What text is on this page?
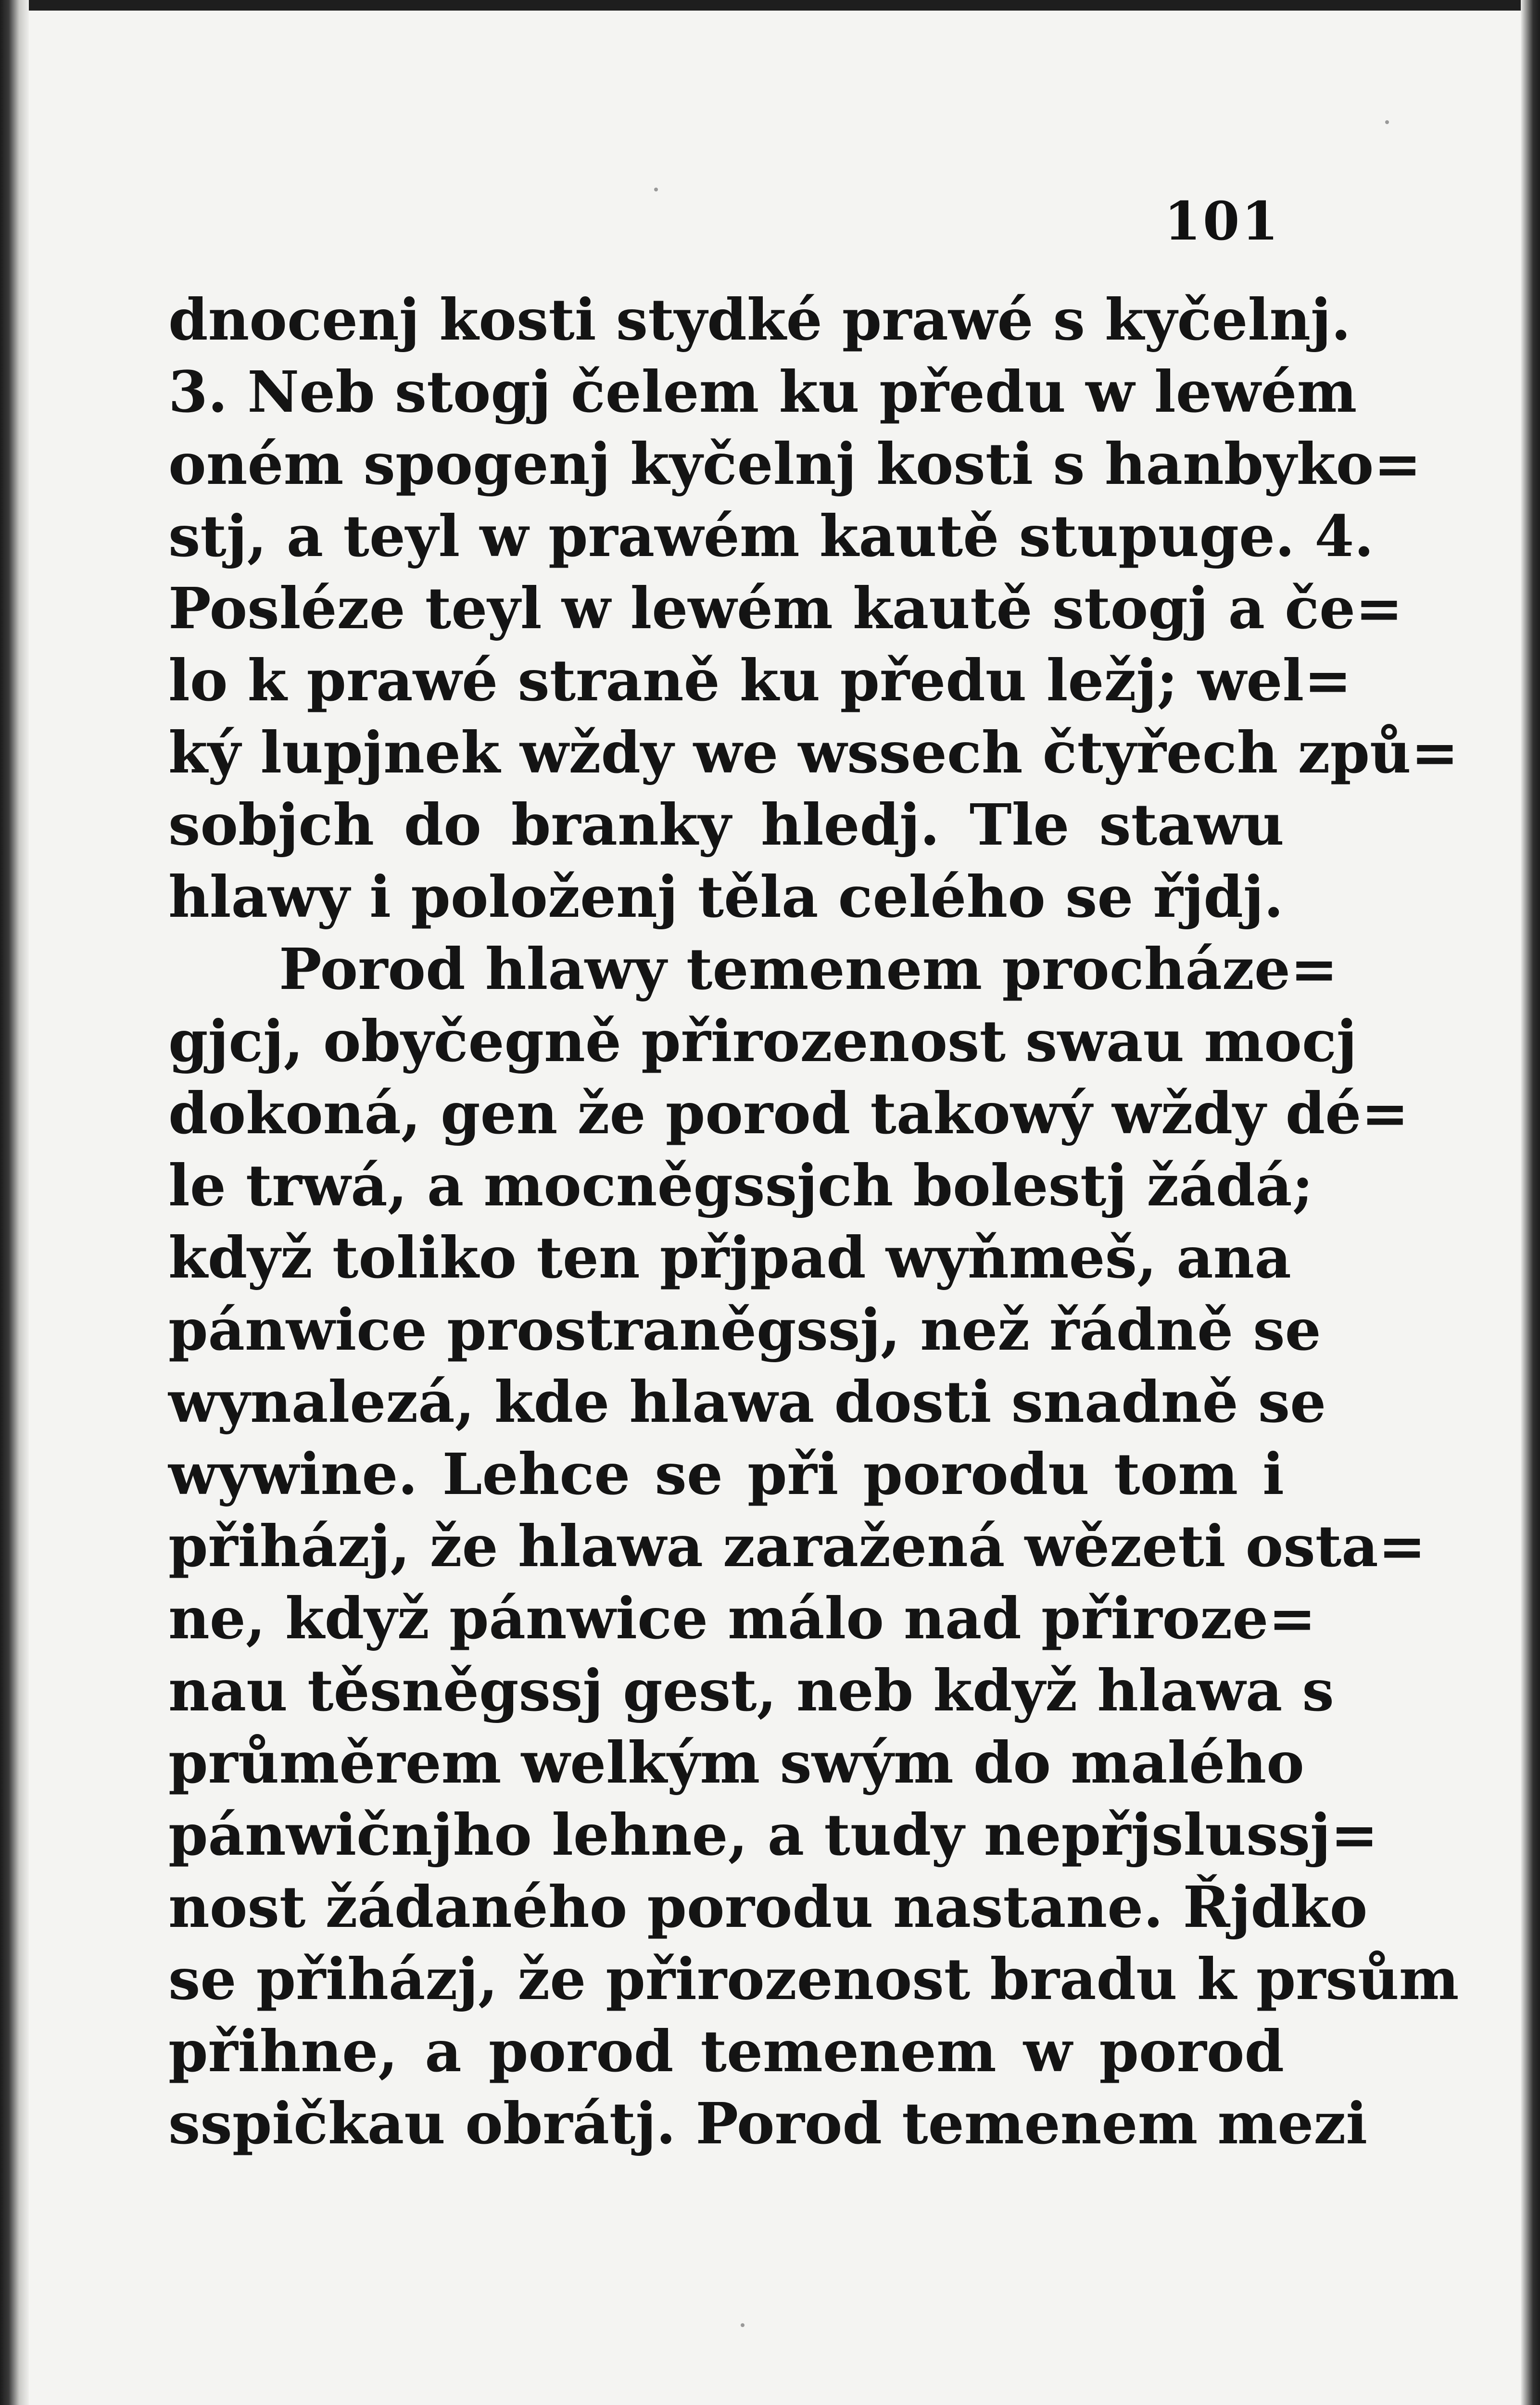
101
dnocenj kosti stydké prawé s kyčelnj.
3. Neb stogj čelem ku předu w lewém
oném spogenj kyčelnj kosti s hanbyko=
stj, a teyl w prawém kautě stupuge. 4.
Posléze teyl w lewém kautě stogj a če=
lo k prawé straně ku předu ležj; wel=
ký lupjnek wždy we wssech čtyřech způ=
sobjch do branky hledj. Tle stawu
hlawy i položenj těla celého se řjdj.
Porod hlawy temenem procháze=
gjcj, obyčegně přirozenost swau mocj
dokoná, gen že porod takowý wždy dé=
le trwá, a mocněgssjch bolestj žádá;
když toliko ten přjpad wyňmeš, ana
pánwice prostraněgssj, než řádně se
wynalezá, kde hlawa dosti snadně se
wywine. Lehce se při porodu tom i
přiházj, že hlawa zaražená wězeti osta=
ne, když pánwice málo nad přiroze=
nau těsněgssj gest, neb když hlawa s
průměrem welkým swým do malého
pánwičnjho lehne, a tudy nepřjslussj=
nost žádaného porodu nastane. Řjdko
se přiházj, že přirozenost bradu k prsům
přihne, a porod temenem w porod
sspičkau obrátj. Porod temenem mezi
